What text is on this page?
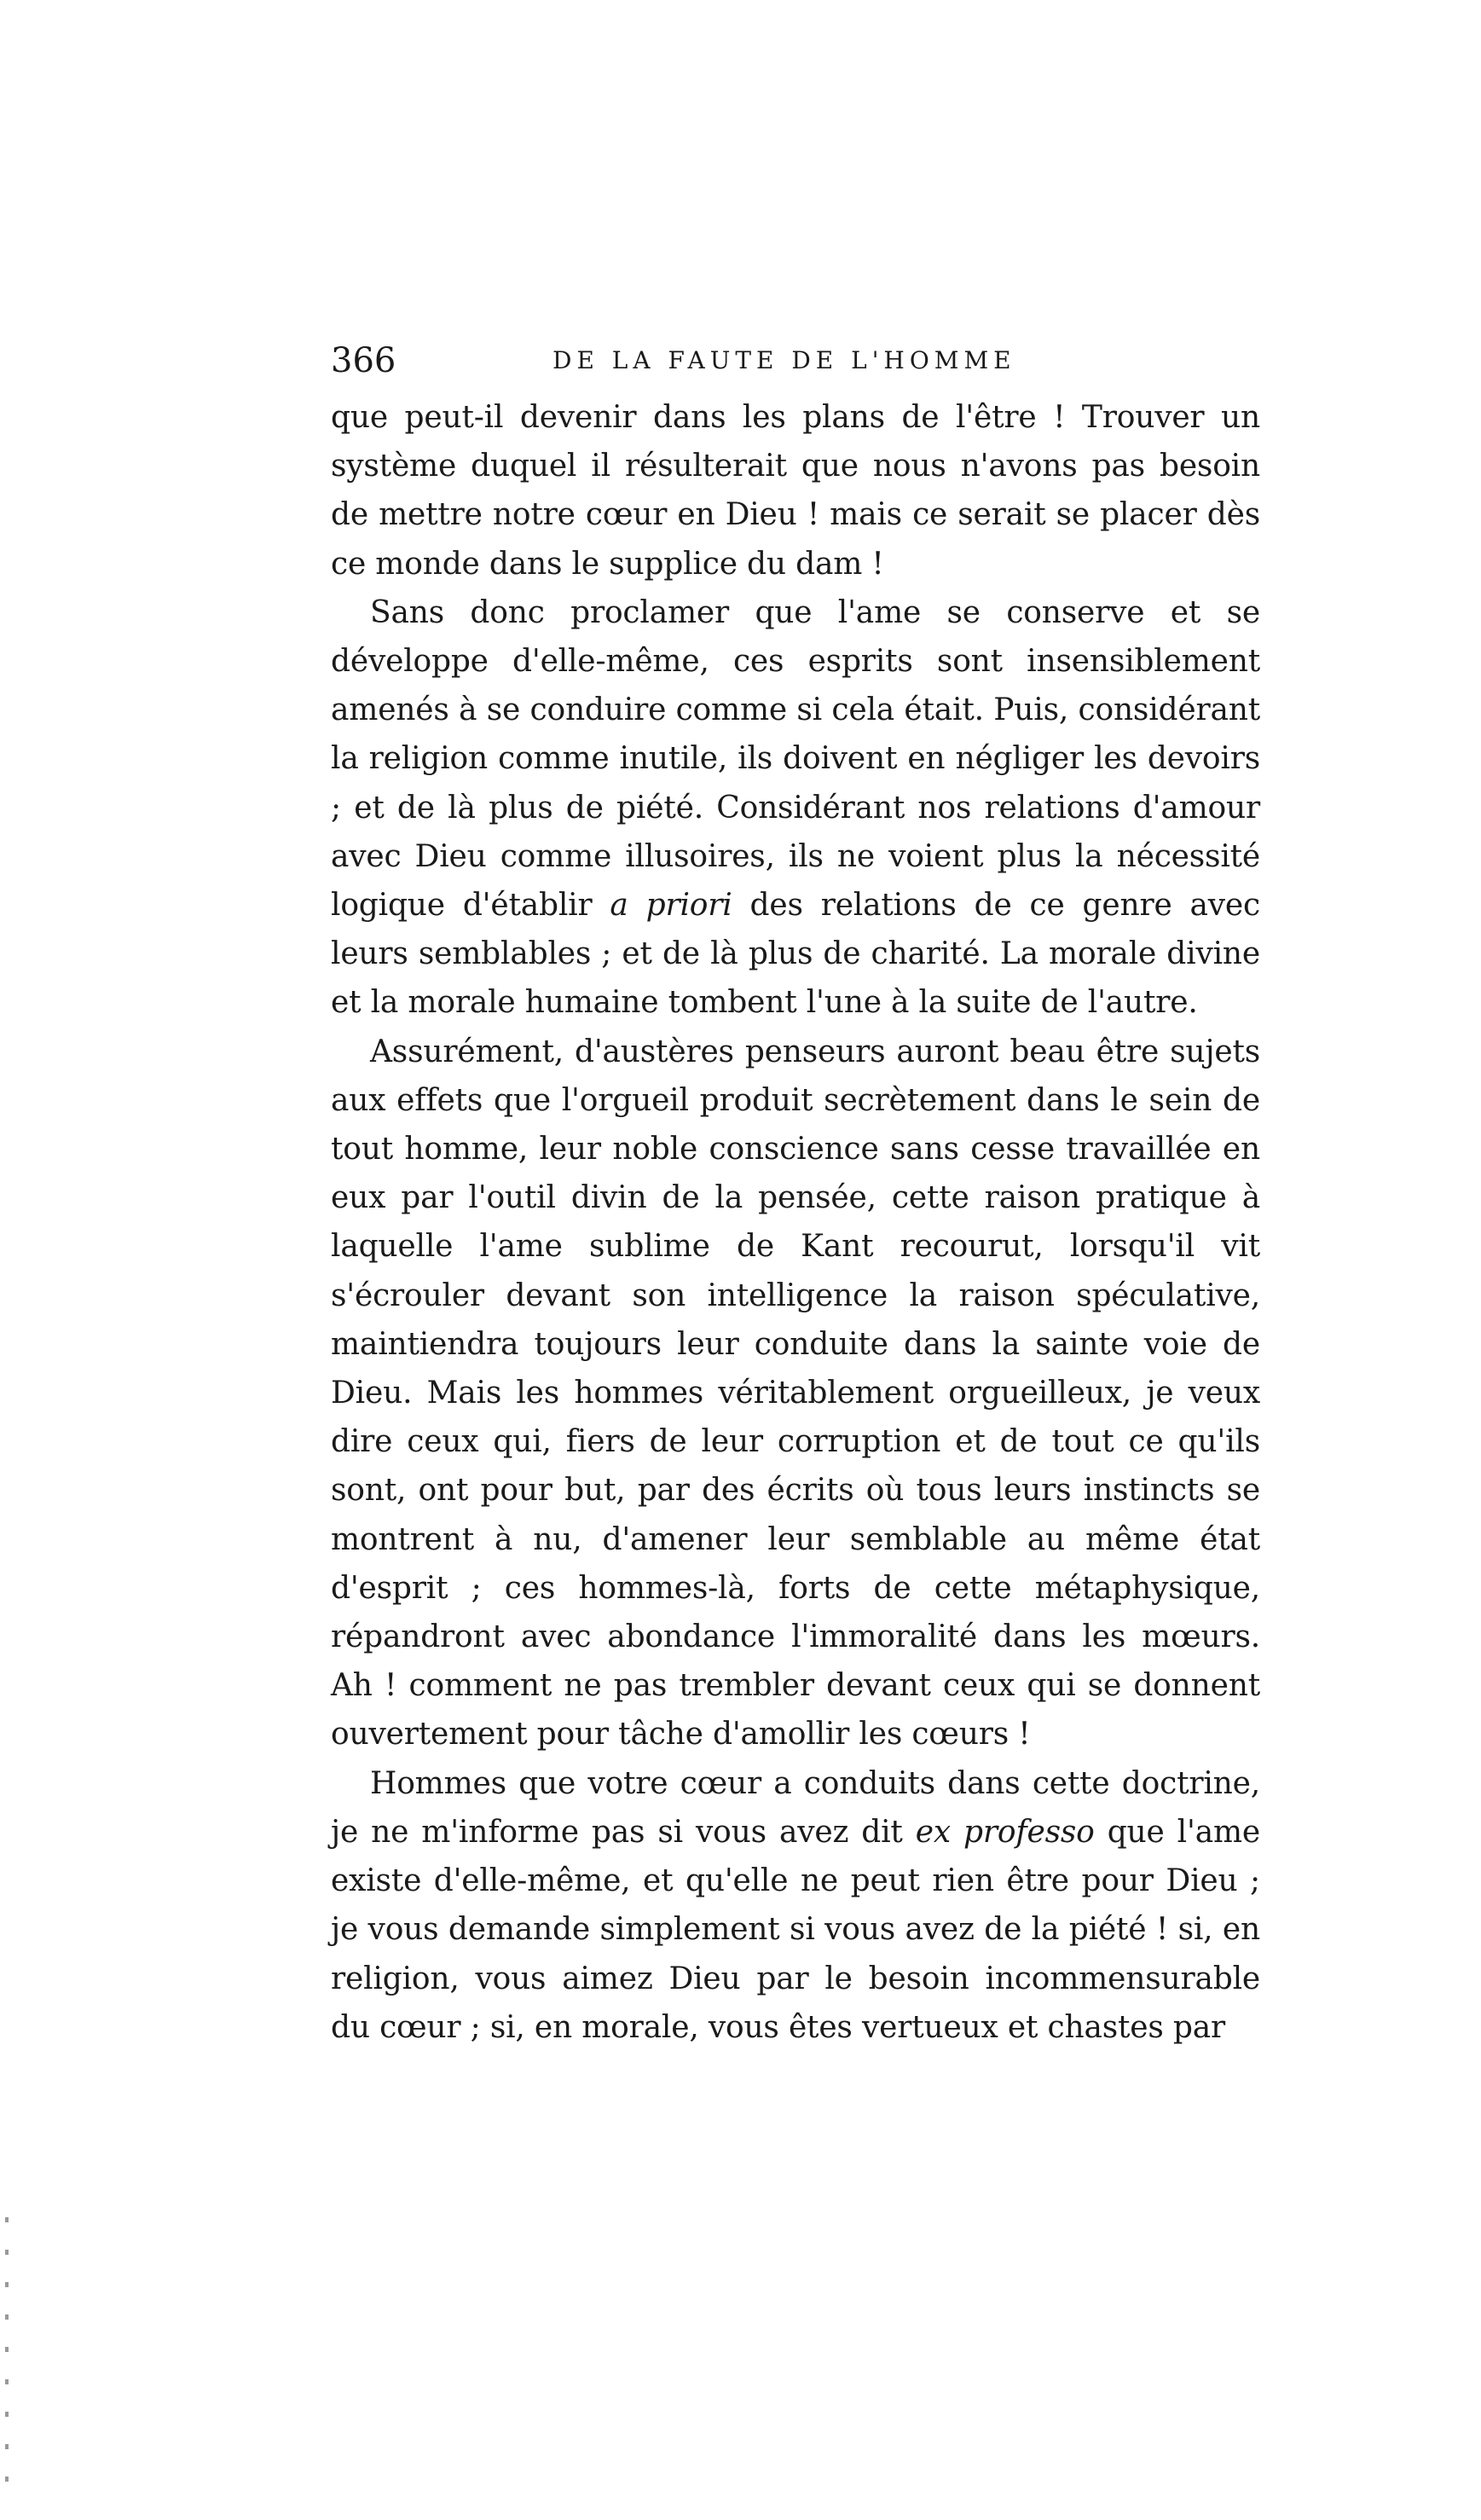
366	DE LA FAUTE DE L'HOMME

que peut-il devenir dans les plans de l'être ! Trouver un système duquel il résulterait que nous n'avons pas besoin de mettre notre cœur en Dieu ! mais ce serait se placer dès ce monde dans le supplice du dam !

Sans donc proclamer que l'ame se conserve et se développe d'elle-même, ces esprits sont insensiblement amenés à se conduire comme si cela était. Puis, considérant la religion comme inutile, ils doivent en négliger les devoirs ; et de là plus de piété. Considérant nos relations d'amour avec Dieu comme illusoires, ils ne voient plus la nécessité logique d'établir a priori des relations de ce genre avec leurs semblables ; et de là plus de charité. La morale divine et la morale humaine tombent l'une à la suite de l'autre.

Assurément, d'austères penseurs auront beau être sujets aux effets que l'orgueil produit secrètement dans le sein de tout homme, leur noble conscience sans cesse travaillée en eux par l'outil divin de la pensée, cette raison pratique à laquelle l'ame sublime de Kant recourut, lorsqu'il vit s'écrouler devant son intelligence la raison spéculative, maintiendra toujours leur conduite dans la sainte voie de Dieu. Mais les hommes véritablement orgueilleux, je veux dire ceux qui, fiers de leur corruption et de tout ce qu'ils sont, ont pour but, par des écrits où tous leurs instincts se montrent à nu, d'amener leur semblable au même état d'esprit ; ces hommes-là, forts de cette métaphysique, répandront avec abondance l'immoralité dans les mœurs. Ah ! comment ne pas trembler devant ceux qui se donnent ouvertement pour tâche d'amollir les cœurs !

Hommes que votre cœur a conduits dans cette doctrine, je ne m'informe pas si vous avez dit ex professo que l'ame existe d'elle-même, et qu'elle ne peut rien être pour Dieu ; je vous demande simplement si vous avez de la piété ! si, en religion, vous aimez Dieu par le besoin incommensurable du cœur ; si, en morale, vous êtes vertueux et chastes par
